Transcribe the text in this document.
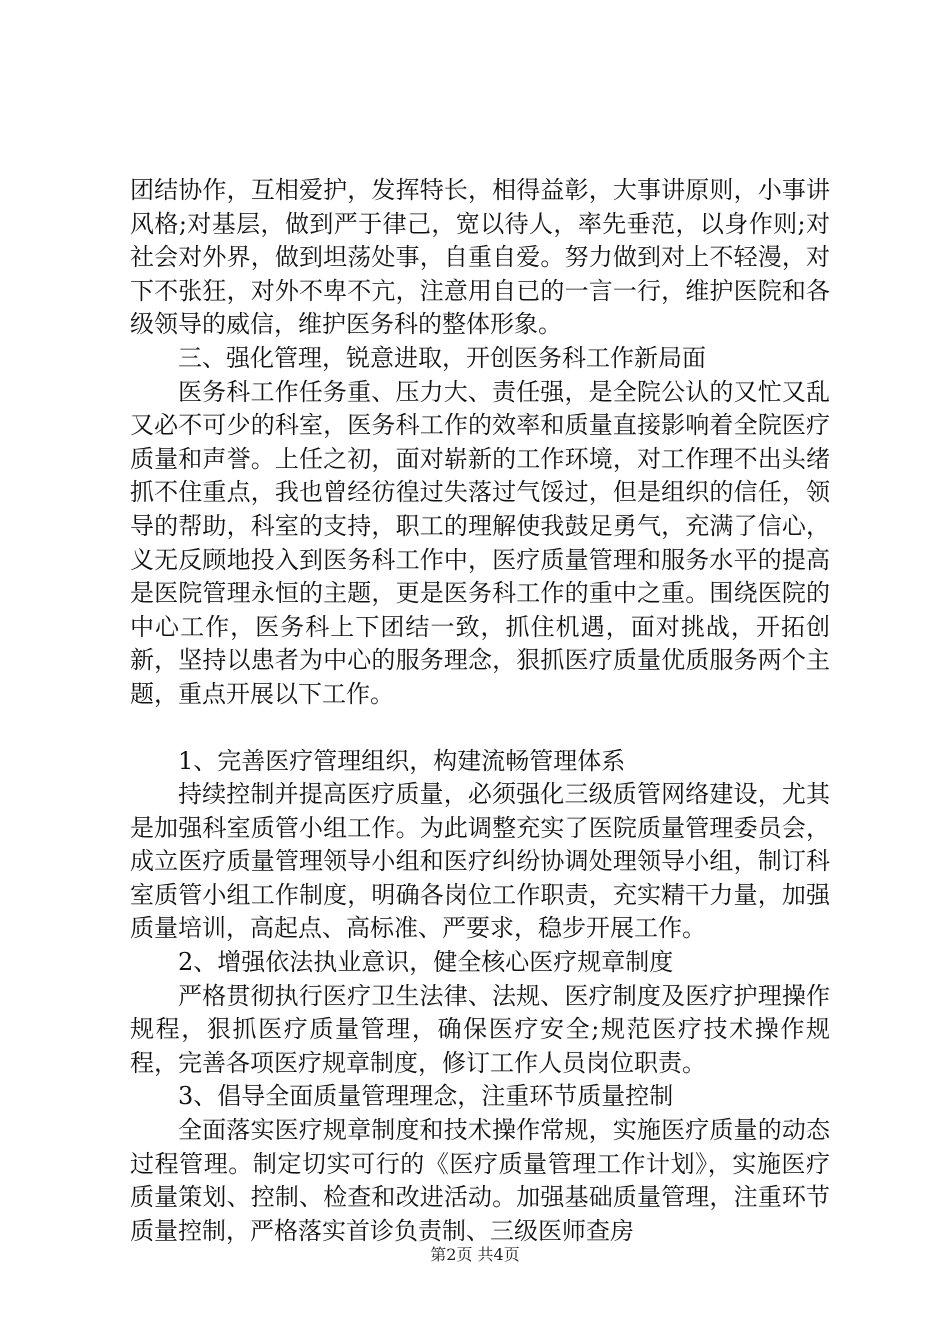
团结协作，互相爱护，发挥特长，相得益彰，大事讲原则，小事讲风格;对基层，做到严于律己，宽以待人，率先垂范，以身作则;对社会对外界，做到坦荡处事，自重自爱。努力做到对上不轻漫，对下不张狂，对外不卑不亢，注意用自已的一言一行，维护医院和各级领导的威信，维护医务科的整体形象。

三、强化管理，锐意进取，开创医务科工作新局面

医务科工作任务重、压力大、责任强，是全院公认的又忙又乱又必不可少的科室，医务科工作的效率和质量直接影响着全院医疗质量和声誉。上任之初，面对崭新的工作环境，对工作理不出头绪抓不住重点，我也曾经彷徨过失落过气馁过，但是组织的信任，领导的帮助，科室的支持，职工的理解使我鼓足勇气，充满了信心，义无反顾地投入到医务科工作中，医疗质量管理和服务水平的提高是医院管理永恒的主题，更是医务科工作的重中之重。围绕医院的中心工作，医务科上下团结一致，抓住机遇，面对挑战，开拓创新，坚持以患者为中心的服务理念，狠抓医疗质量优质服务两个主题，重点开展以下工作。

1、完善医疗管理组织，构建流畅管理体系

持续控制并提高医疗质量，必须强化三级质管网络建设，尤其是加强科室质管小组工作。为此调整充实了医院质量管理委员会，成立医疗质量管理领导小组和医疗纠纷协调处理领导小组，制订科室质管小组工作制度，明确各岗位工作职责，充实精干力量，加强质量培训，高起点、高标准、严要求，稳步开展工作。

2、增强依法执业意识，健全核心医疗规章制度

严格贯彻执行医疗卫生法律、法规、医疗制度及医疗护理操作规程，狠抓医疗质量管理，确保医疗安全;规范医疗技术操作规程，完善各项医疗规章制度，修订工作人员岗位职责。

3、倡导全面质量管理理念，注重环节质量控制

全面落实医疗规章制度和技术操作常规，实施医疗质量的动态过程管理。制定切实可行的《医疗质量管理工作计划》，实施医疗质量策划、控制、检查和改进活动。加强基础质量管理，注重环节质量控制，严格落实首诊负责制、三级医师查房

第2页 共4页
